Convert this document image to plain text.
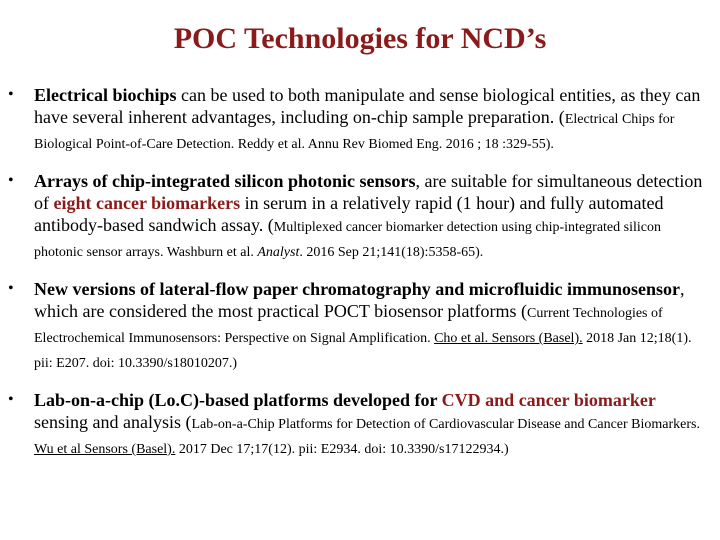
POC Technologies for NCD’s
• Electrical biochips can be used to both manipulate and sense biological entities, as they can have several inherent advantages, including on-chip sample preparation. (Electrical Chips for Biological Point-of-Care Detection. Reddy et al. Annu Rev Biomed Eng. 2016 ; 18 :329-55).
• Arrays of chip-integrated silicon photonic sensors, are suitable for simultaneous detection of eight cancer biomarkers in serum in a relatively rapid (1 hour) and fully automated antibody-based sandwich assay. (Multiplexed cancer biomarker detection using chip-integrated silicon photonic sensor arrays. Washburn et al. Analyst. 2016 Sep 21;141(18):5358-65).
• New versions of lateral-flow paper chromatography and microfluidic immunosensor, which are considered the most practical POCT biosensor platforms (Current Technologies of Electrochemical Immunosensors: Perspective on Signal Amplification. Cho et al. Sensors (Basel). 2018 Jan 12;18(1). pii: E207. doi: 10.3390/s18010207.)
• Lab-on-a-chip (Lo.C)-based platforms developed for CVD and cancer biomarker sensing and analysis (Lab-on-a-Chip Platforms for Detection of Cardiovascular Disease and Cancer Biomarkers. Wu et al Sensors (Basel). 2017 Dec 17;17(12). pii: E2934. doi: 10.3390/s17122934.)
